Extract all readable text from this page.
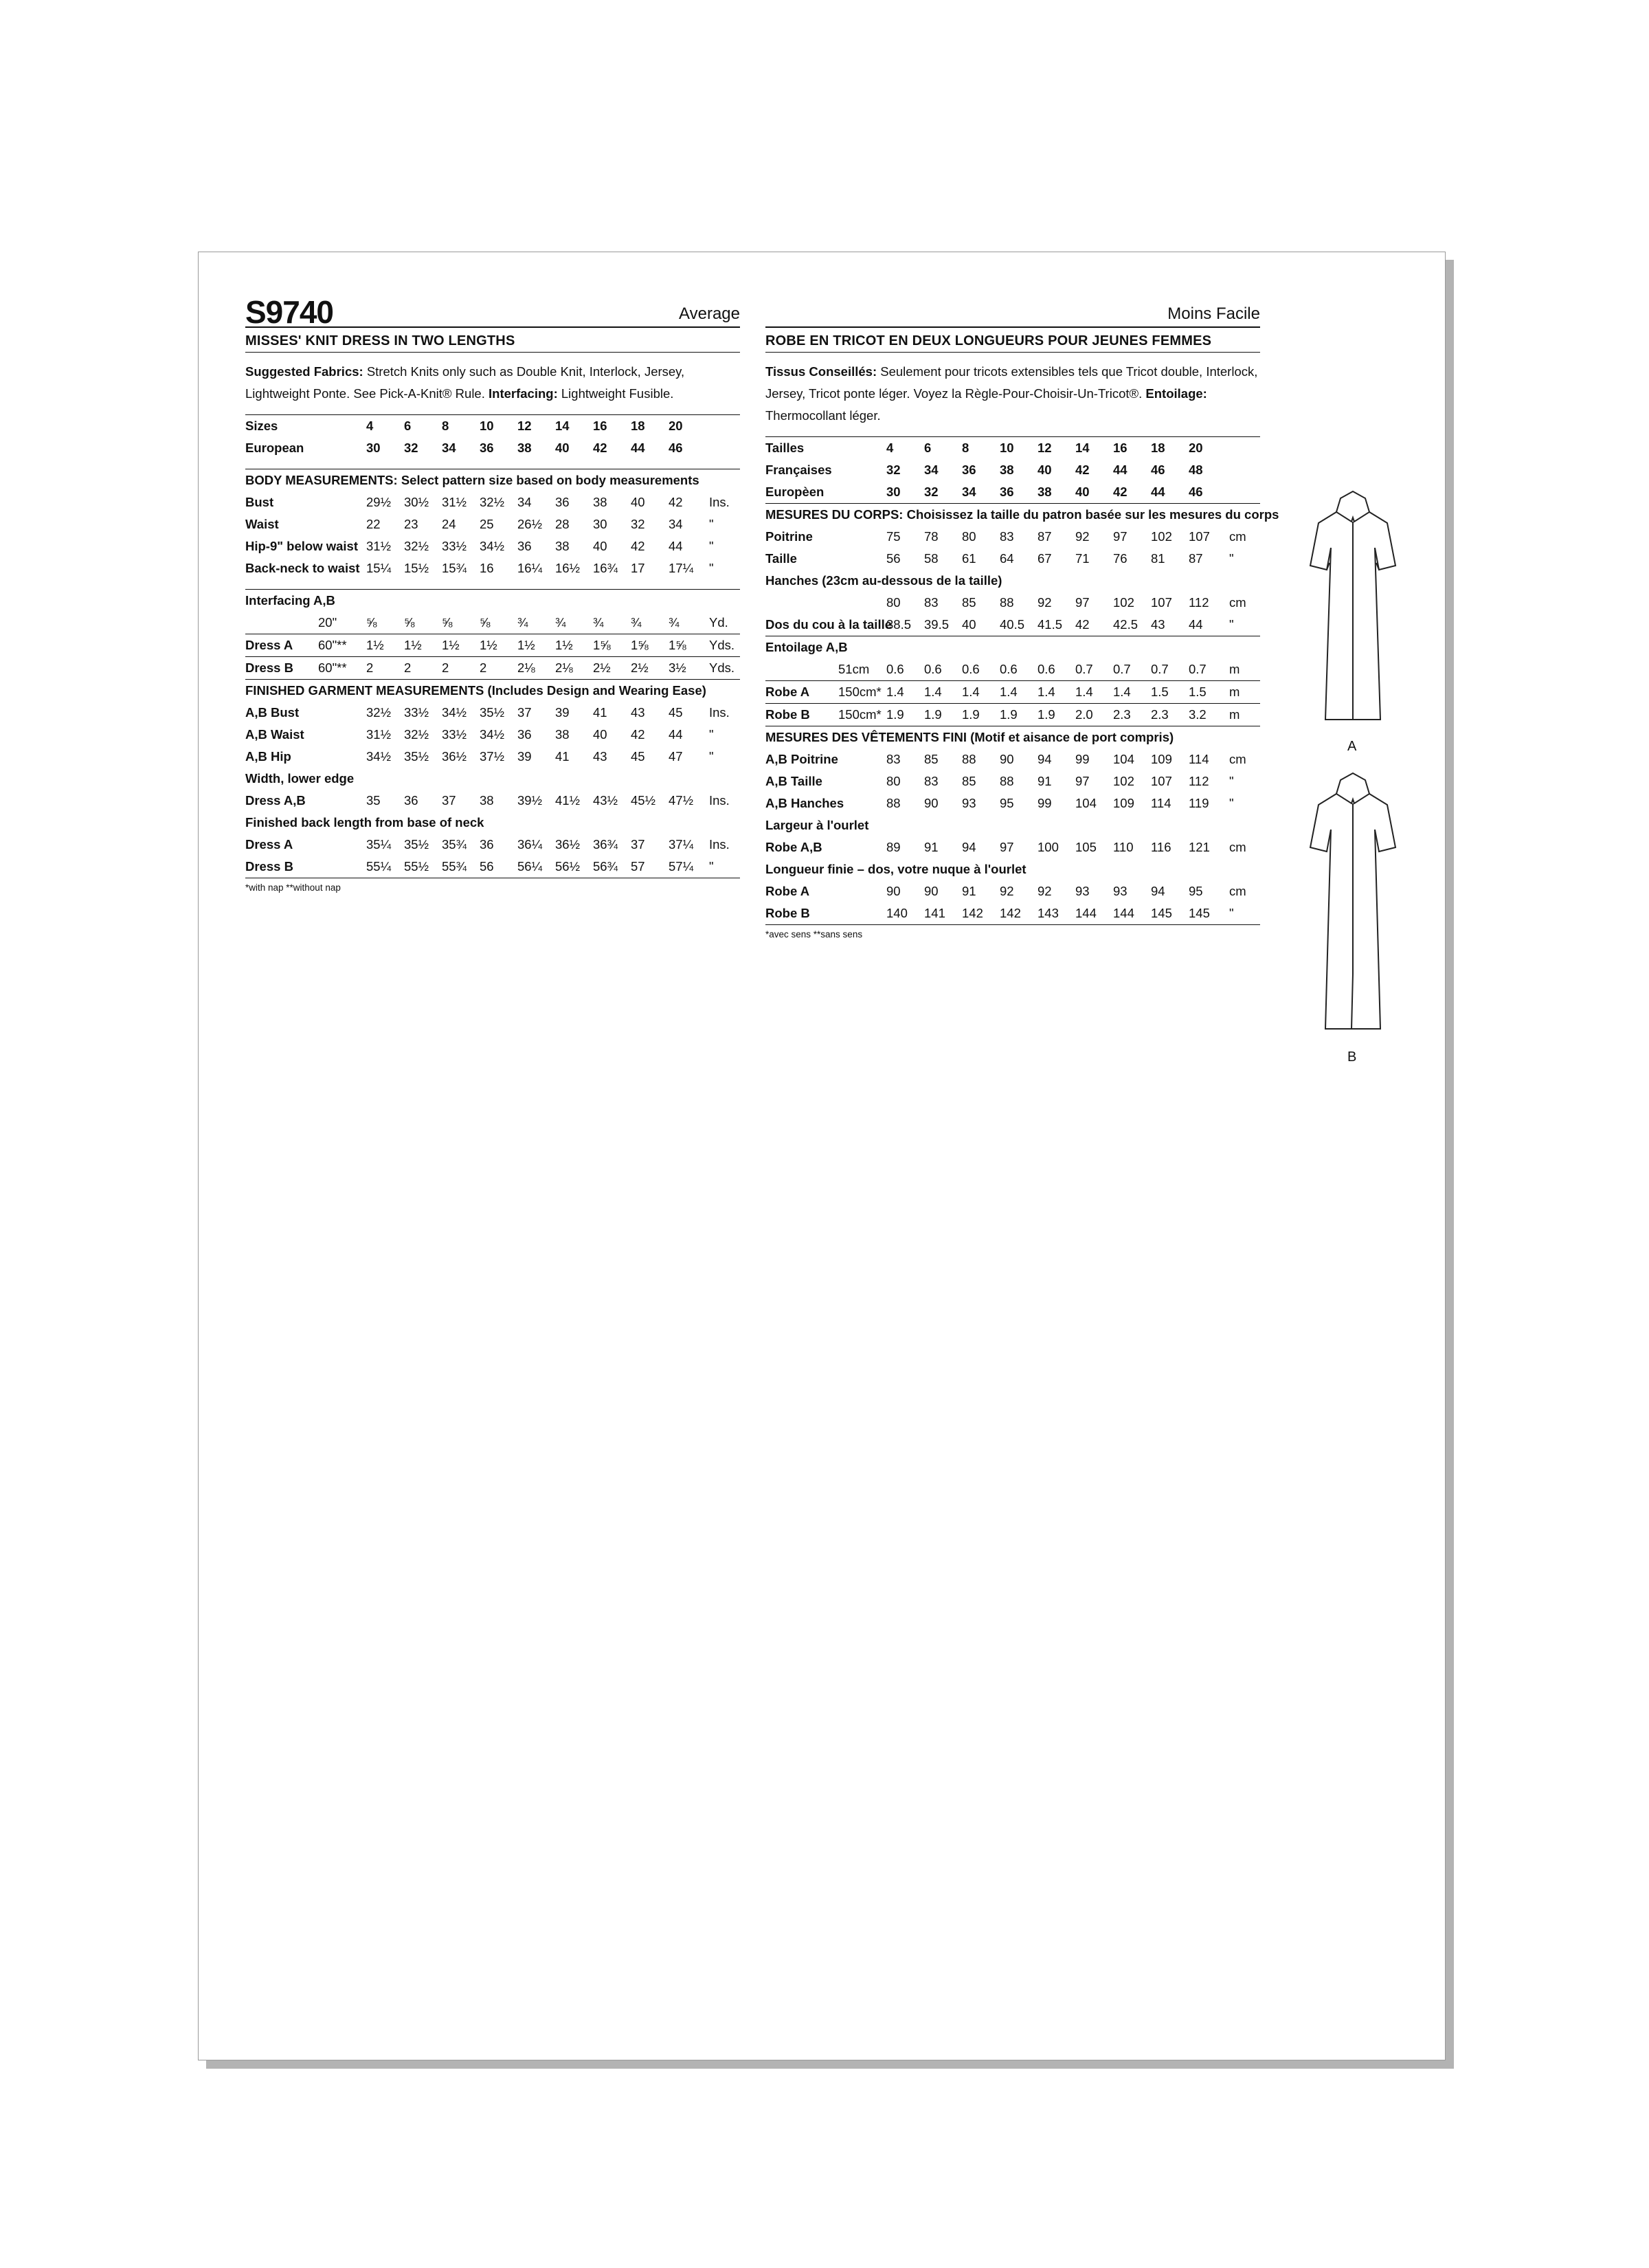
S9740	Average
MISSES' KNIT DRESS IN TWO LENGTHS
Suggested Fabrics: Stretch Knits only such as Double Knit, Interlock, Jersey, Lightweight Ponte. See Pick-A-Knit® Rule. Interfacing: Lightweight Fusible.
Sizes		4	6	8	10	12	14	16	18	20	
European		30	32	34	36	38	40	42	44	46	

BODY MEASUREMENTS: Select pattern size based on body measurements											
Bust		29½	30½	31½	32½	34	36	38	40	42	Ins.
Waist		22	23	24	25	26½	28	30	32	34	"
Hip-9" below waist		31½	32½	33½	34½	36	38	40	42	44	"
Back-neck to waist		15¼	15½	15¾	16	16¼	16½	16¾	17	17¼	"

Interfacing A,B											
	20"	⅝	⅝	⅝	⅝	¾	¾	¾	¾	¾	Yd.
Dress A	60"**	1½	1½	1½	1½	1½	1½	1⅝	1⅝	1⅝	Yds.
Dress B	60"**	2	2	2	2	2⅛	2⅛	2½	2½	3½	Yds.
FINISHED GARMENT MEASUREMENTS (Includes Design and Wearing Ease)											
A,B Bust		32½	33½	34½	35½	37	39	41	43	45	Ins.
A,B Waist		31½	32½	33½	34½	36	38	40	42	44	"
A,B Hip		34½	35½	36½	37½	39	41	43	45	47	"
Width, lower edge											
Dress A,B		35	36	37	38	39½	41½	43½	45½	47½	Ins.
Finished back length from base of neck											
Dress A		35¼	35½	35¾	36	36¼	36½	36¾	37	37¼	Ins.
Dress B		55¼	55½	55¾	56	56¼	56½	56¾	57	57¼	"
*with nap **without nap
Moins Facile
ROBE EN TRICOT EN DEUX LONGUEURS POUR JEUNES FEMMES
Tissus Conseillés: Seulement pour tricots extensibles tels que Tricot double, Interlock, Jersey, Tricot ponte léger. Voyez la Règle-Pour-Choisir-Un-Tricot®. Entoilage: Thermocollant léger.
Tailles		4	6	8	10	12	14	16	18	20	
Françaises		32	34	36	38	40	42	44	46	48	
Europèen		30	32	34	36	38	40	42	44	46	
MESURES DU CORPS: Choisissez la taille du patron basée sur les mesures du corps											
Poitrine		75	78	80	83	87	92	97	102	107	cm
Taille		56	58	61	64	67	71	76	81	87	"
Hanches (23cm au-dessous de la taille)											
		80	83	85	88	92	97	102	107	112	cm
Dos du cou à la taille		38.5	39.5	40	40.5	41.5	42	42.5	43	44	"
Entoilage A,B											
	51cm	0.6	0.6	0.6	0.6	0.6	0.7	0.7	0.7	0.7	m
Robe A	150cm*	1.4	1.4	1.4	1.4	1.4	1.4	1.4	1.5	1.5	m
Robe B	150cm*	1.9	1.9	1.9	1.9	1.9	2.0	2.3	2.3	3.2	m
MESURES DES VÊTEMENTS FINI (Motif et aisance de port compris)											
A,B Poitrine		83	85	88	90	94	99	104	109	114	cm
A,B Taille		80	83	85	88	91	97	102	107	112	"
A,B Hanches		88	90	93	95	99	104	109	114	119	"
Largeur à l'ourlet											
Robe A,B		89	91	94	97	100	105	110	116	121	cm
Longueur finie – dos, votre nuque à l'ourlet											
Robe A		90	90	91	92	92	93	93	94	95	cm
Robe B		140	141	142	142	143	144	144	145	145	"
*avec sens **sans sens
A
B
